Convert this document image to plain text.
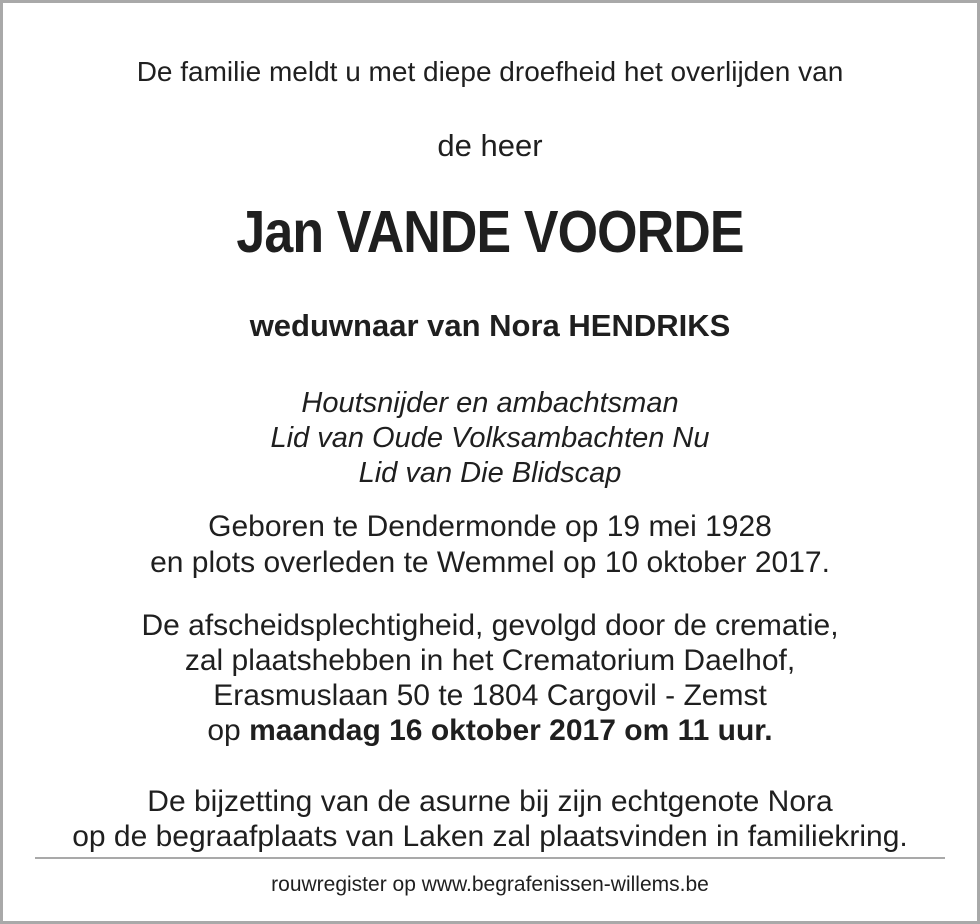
De familie meldt u met diepe droefheid het overlijden van
de heer
Jan VANDE VOORDE
weduwnaar van Nora HENDRIKS
Houtsnijder en ambachtsman
Lid van Oude Volksambachten Nu
Lid van Die Blidscap
Geboren te Dendermonde op 19 mei 1928
en plots overleden te Wemmel op 10 oktober 2017.
De afscheidsplechtigheid, gevolgd door de crematie,
zal plaatshebben in het Crematorium Daelhof,
Erasmuslaan 50 te 1804 Cargovil - Zemst
op maandag 16 oktober 2017 om 11 uur.
De bijzetting van de asurne bij zijn echtgenote Nora
op de begraafplaats van Laken zal plaatsvinden in familiekring.
rouwregister op www.begrafenissen-willems.be
